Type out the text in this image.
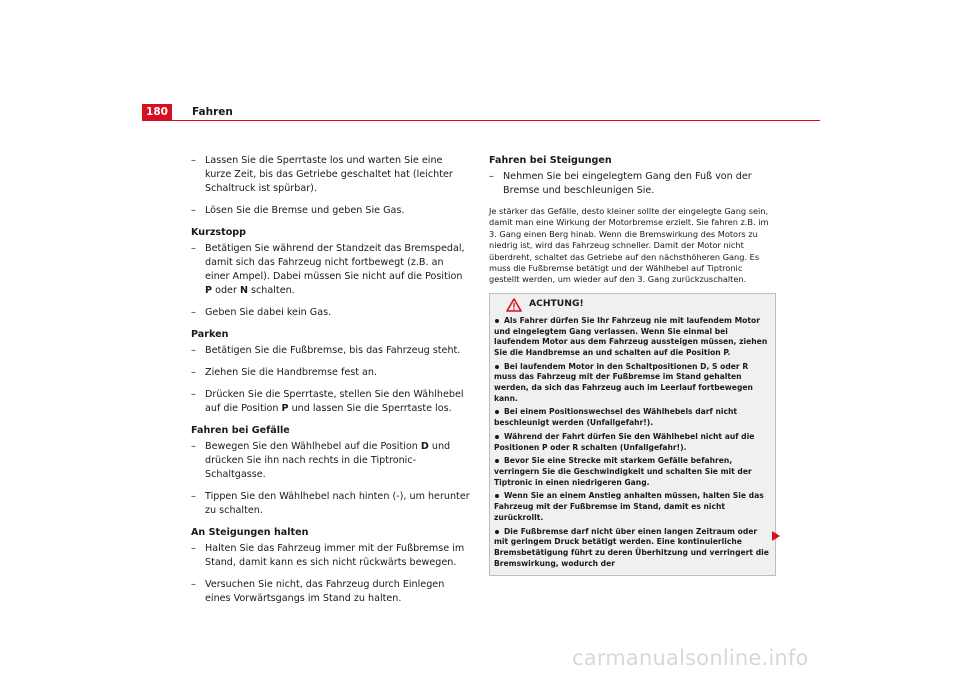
180	Fahren
– Lassen Sie die Sperrtaste los und warten Sie eine kurze Zeit, bis das Getriebe geschaltet hat (leichter Schaltruck ist spürbar).
– Lösen Sie die Bremse und geben Sie Gas.
Kurzstopp
– Betätigen Sie während der Standzeit das Bremspedal, damit sich das Fahrzeug nicht fortbewegt (z.B. an einer Ampel). Dabei müssen Sie nicht auf die Position P oder N schalten.
– Geben Sie dabei kein Gas.
Parken
– Betätigen Sie die Fußbremse, bis das Fahrzeug steht.
– Ziehen Sie die Handbremse fest an.
– Drücken Sie die Sperrtaste, stellen Sie den Wählhebel auf die Position P und lassen Sie die Sperrtaste los.
Fahren bei Gefälle
– Bewegen Sie den Wählhebel auf die Position D und drücken Sie ihn nach rechts in die Tiptronic-Schaltgasse.
– Tippen Sie den Wählhebel nach hinten (-), um herunter zu schalten.
An Steigungen halten
– Halten Sie das Fahrzeug immer mit der Fußbremse im Stand, damit kann es sich nicht rückwärts bewegen.
– Versuchen Sie nicht, das Fahrzeug durch Einlegen eines Vorwärtsgangs im Stand zu halten.
Fahren bei Steigungen
– Nehmen Sie bei eingelegtem Gang den Fuß von der Bremse und beschleunigen Sie.
Je stärker das Gefälle, desto kleiner sollte der eingelegte Gang sein, damit man eine Wirkung der Motorbremse erzielt. Sie fahren z.B. im 3. Gang einen Berg hinab. Wenn die Bremswirkung des Motors zu niedrig ist, wird das Fahrzeug schneller. Damit der Motor nicht überdreht, schaltet das Getriebe auf den nächsthöheren Gang. Es muss die Fußbremse betätigt und der Wählhebel auf Tiptronic gestellt werden, um wieder auf den 3. Gang zurückzuschalten.
ACHTUNG!
Als Fahrer dürfen Sie Ihr Fahrzeug nie mit laufendem Motor und eingelegtem Gang verlassen. Wenn Sie einmal bei laufendem Motor aus dem Fahrzeug aussteigen müssen, ziehen Sie die Handbremse an und schalten auf die Position P.
Bei laufendem Motor in den Schaltpositionen D, S oder R muss das Fahrzeug mit der Fußbremse im Stand gehalten werden, da sich das Fahrzeug auch im Leerlauf fortbewegen kann.
Bei einem Positionswechsel des Wählhebels darf nicht beschleunigt werden (Unfallgefahr!).
Während der Fahrt dürfen Sie den Wählhebel nicht auf die Positionen P oder R schalten (Unfallgefahr!).
Bevor Sie eine Strecke mit starkem Gefälle befahren, verringern Sie die Geschwindigkeit und schalten Sie mit der Tiptronic in einen niedrigeren Gang.
Wenn Sie an einem Anstieg anhalten müssen, halten Sie das Fahrzeug mit der Fußbremse im Stand, damit es nicht zurückrollt.
Die Fußbremse darf nicht über einen langen Zeitraum oder mit geringem Druck betätigt werden. Eine kontinuierliche Bremsbetätigung führt zu deren Überhitzung und verringert die Bremswirkung, wodurch der
carmanualsonline.info
